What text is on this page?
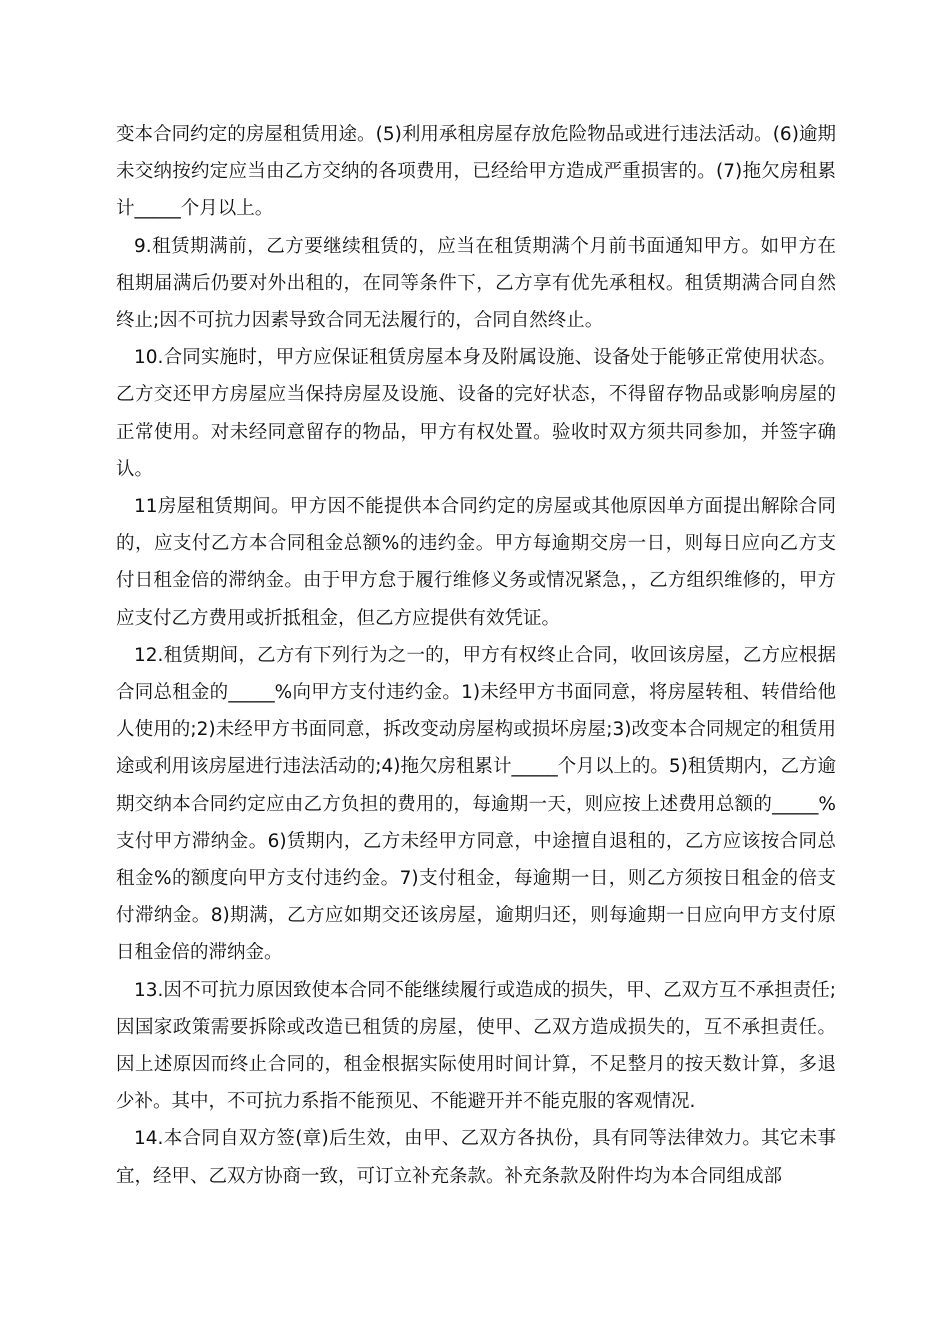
变本合同约定的房屋租赁用途。(5)利用承租房屋存放危险物品或进行违法活动。(6)逾期未交纳按约定应当由乙方交纳的各项费用，已经给甲方造成严重损害的。(7)拖欠房租累计_____个月以上。

9.租赁期满前，乙方要继续租赁的，应当在租赁期满个月前书面通知甲方。如甲方在租期届满后仍要对外出租的，在同等条件下，乙方享有优先承租权。租赁期满合同自然终止;因不可抗力因素导致合同无法履行的，合同自然终止。

10.合同实施时，甲方应保证租赁房屋本身及附属设施、设备处于能够正常使用状态。乙方交还甲方房屋应当保持房屋及设施、设备的完好状态，不得留存物品或影响房屋的正常使用。对未经同意留存的物品，甲方有权处置。验收时双方须共同参加，并签字确认。

11房屋租赁期间。甲方因不能提供本合同约定的房屋或其他原因单方面提出解除合同的，应支付乙方本合同租金总额%的违约金。甲方每逾期交房一日，则每日应向乙方支付日租金倍的滞纳金。由于甲方怠于履行维修义务或情况紧急，，乙方组织维修的，甲方应支付乙方费用或折抵租金，但乙方应提供有效凭证。

12.租赁期间，乙方有下列行为之一的，甲方有权终止合同，收回该房屋，乙方应根据合同总租金的_____%向甲方支付违约金。1)未经甲方书面同意，将房屋转租、转借给他人使用的;2)未经甲方书面同意，拆改变动房屋构或损坏房屋;3)改变本合同规定的租赁用途或利用该房屋进行违法活动的;4)拖欠房租累计_____个月以上的。5)租赁期内，乙方逾期交纳本合同约定应由乙方负担的费用的，每逾期一天，则应按上述费用总额的_____%支付甲方滞纳金。6)赁期内，乙方未经甲方同意，中途擅自退租的，乙方应该按合同总租金%的额度向甲方支付违约金。7)支付租金，每逾期一日，则乙方须按日租金的倍支付滞纳金。8)期满，乙方应如期交还该房屋，逾期归还，则每逾期一日应向甲方支付原日租金倍的滞纳金。

13.因不可抗力原因致使本合同不能继续履行或造成的损失，甲、乙双方互不承担责任;因国家政策需要拆除或改造已租赁的房屋，使甲、乙双方造成损失的，互不承担责任。因上述原因而终止合同的，租金根据实际使用时间计算，不足整月的按天数计算，多退少补。其中，不可抗力系指不能预见、不能避开并不能克服的客观情况.

14.本合同自双方签(章)后生效，由甲、乙双方各执份，具有同等法律效力。其它未事宜，经甲、乙双方协商一致，可订立补充条款。补充条款及附件均为本合同组成部
